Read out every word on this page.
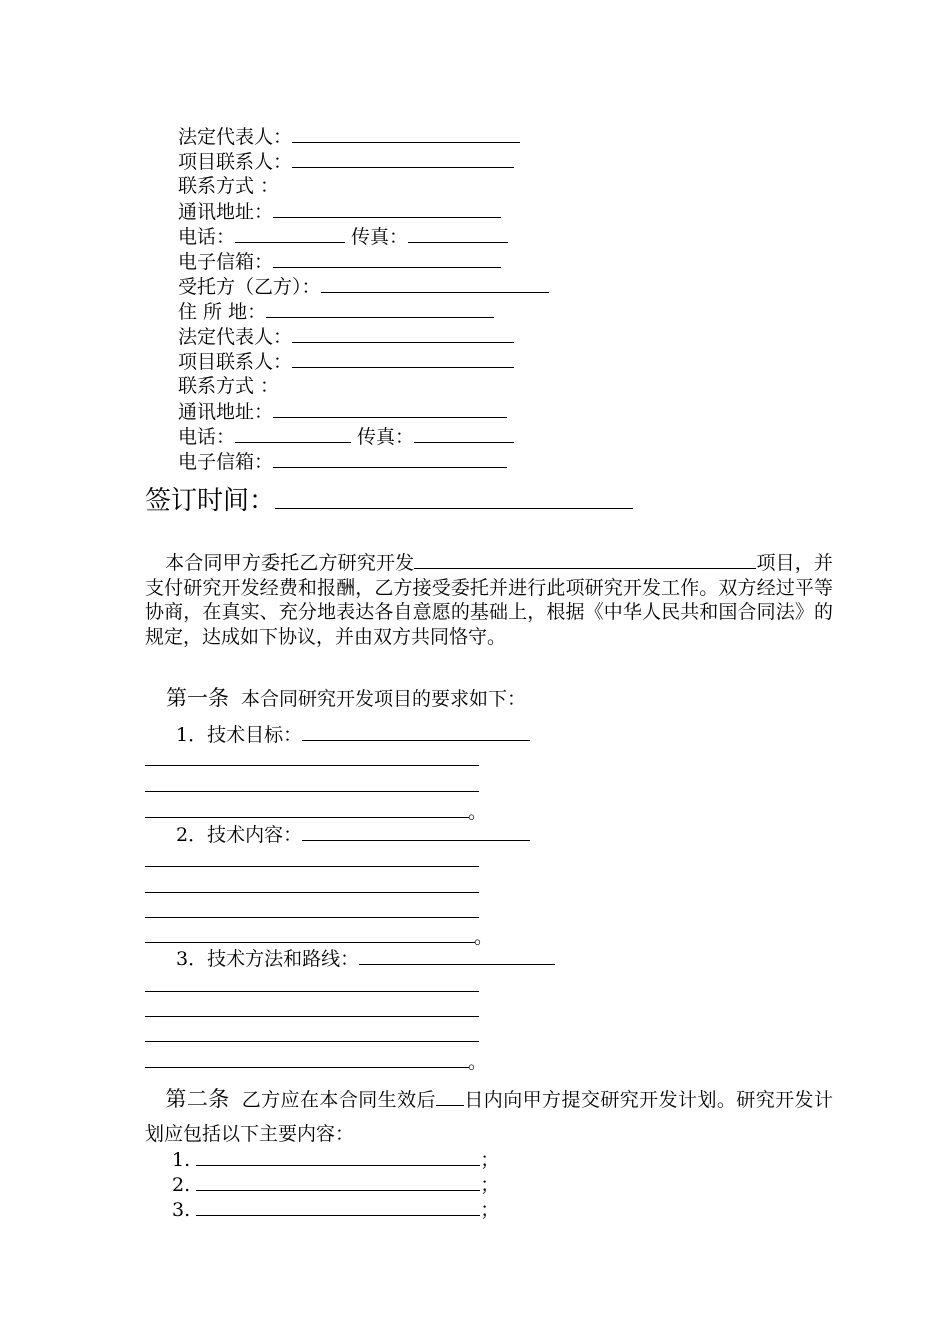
法定代表人：
项目联系人：
联系方式 ：
通讯地址：
电话：	传真：
电子信箱：
受托方（乙方）：
住 所 地：
法定代表人：
项目联系人：
联系方式 ：
通讯地址：
电话：	传真：
电子信箱：
签订时间：
本合同甲方委托乙方研究开发	项目，并支付研究开发经费和报酬，乙方接受委托并进行此项研究开发工作。双方经过平等协商，在真实、充分地表达各自意愿的基础上，根据《中华人民共和国合同法》的规定，达成如下协议，并由双方共同恪守。
第一条 本合同研究开发项目的要求如下：
1．技术目标：
。
2．技术内容：
。
3．技术方法和路线：
。
第二条 乙方应在本合同生效后 日内向甲方提交研究开发计划。研究开发计划应包括以下主要内容：
1.	；
2.	；
3.	；
